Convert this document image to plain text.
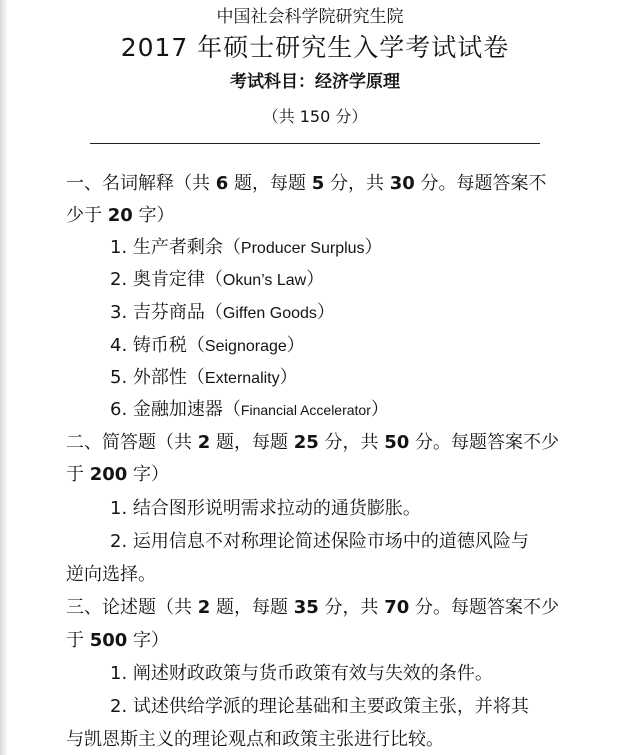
中国社会科学院研究生院
2017 年硕士研究生入学考试试卷
考试科目：经济学原理
（共 150 分）
一、名词解释（共 6 题，每题 5 分，共 30 分。每题答案不
少于 20 字）
1. 生产者剩余（Producer Surplus）
2. 奥肯定律（Okun’s Law）
3. 吉芬商品（Giffen Goods）
4. 铸币税（Seignorage）
5. 外部性（Externality）
6. 金融加速器（Financial Accelerator）
二、简答题（共 2 题，每题 25 分，共 50 分。每题答案不少
于 200 字）
1. 结合图形说明需求拉动的通货膨胀。
2. 运用信息不对称理论简述保险市场中的道德风险与
逆向选择。
三、论述题（共 2 题，每题 35 分，共 70 分。每题答案不少
于 500 字）
1. 阐述财政政策与货币政策有效与失效的条件。
2. 试述供给学派的理论基础和主要政策主张，并将其
与凯恩斯主义的理论观点和政策主张进行比较。
